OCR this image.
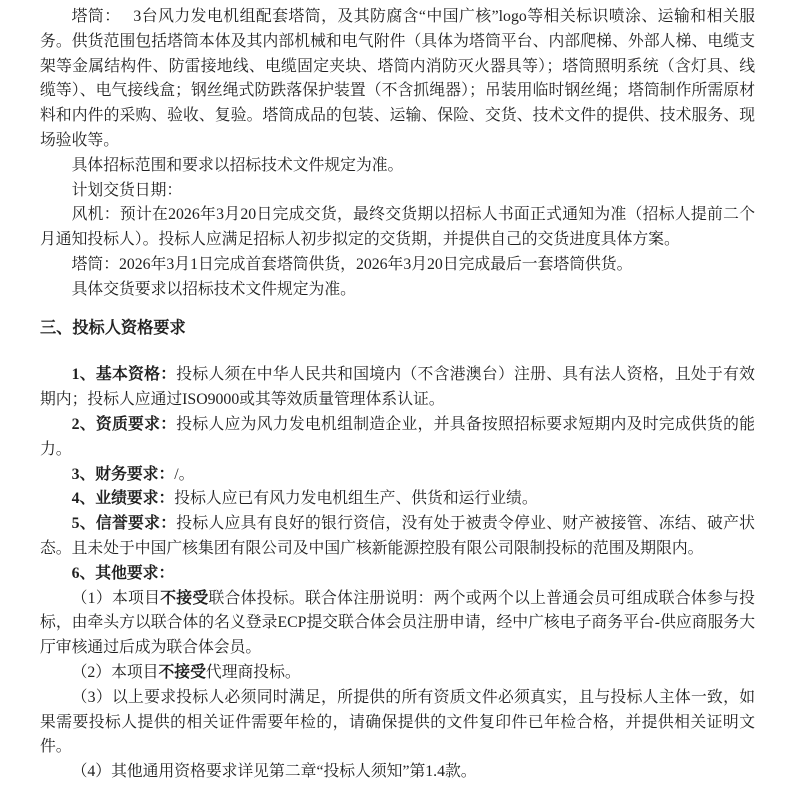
塔筒：　 3台风力发电机组配套塔筒，及其防腐含“中国广核”logo等相关标识喷涂、运输和相关服务。供货范围包括塔筒本体及其内部机械和电气附件（具体为塔筒平台、内部爬梯、外部人梯、电缆支架等金属结构件、防雷接地线、电缆固定夹块、塔筒内消防灭火器具等）；塔筒照明系统（含灯具、线缆等）、电气接线盒；钢丝绳式防跌落保护装置（不含抓绳器）；吊装用临时钢丝绳；塔筒制作所需原材料和内件的采购、验收、复验。塔筒成品的包装、运输、保险、交货、技术文件的提供、技术服务、现场验收等。

具体招标范围和要求以招标技术文件规定为准。

计划交货日期：

风机：预计在2026年3月20日完成交货，最终交货期以招标人书面正式通知为准（招标人提前二个月通知投标人）。投标人应满足招标人初步拟定的交货期，并提供自己的交货进度具体方案。

塔筒：2026年3月1日完成首套塔筒供货，2026年3月20日完成最后一套塔筒供货。

具体交货要求以招标技术文件规定为准。

三、投标人资格要求

1、基本资格：投标人须在中华人民共和国境内（不含港澳台）注册、具有法人资格，且处于有效期内；投标人应通过ISO9000或其等效质量管理体系认证。

2、资质要求：投标人应为风力发电机组制造企业，并具备按照招标要求短期内及时完成供货的能力。

3、财务要求：/。

4、业绩要求：投标人应已有风力发电机组生产、供货和运行业绩。

5、信誉要求：投标人应具有良好的银行资信，没有处于被责令停业、财产被接管、冻结、破产状态。且未处于中国广核集团有限公司及中国广核新能源控股有限公司限制投标的范围及期限内。

6、其他要求：

（1）本项目不接受联合体投标。联合体注册说明：两个或两个以上普通会员可组成联合体参与投标，由牵头方以联合体的名义登录ECP提交联合体会员注册申请，经中广核电子商务平台-供应商服务大厅审核通过后成为联合体会员。

（2）本项目不接受代理商投标。

（3）以上要求投标人必须同时满足，所提供的所有资质文件必须真实，且与投标人主体一致，如果需要投标人提供的相关证件需要年检的，请确保提供的文件复印件已年检合格，并提供相关证明文件。

（4）其他通用资格要求详见第二章“投标人须知”第1.4款。
